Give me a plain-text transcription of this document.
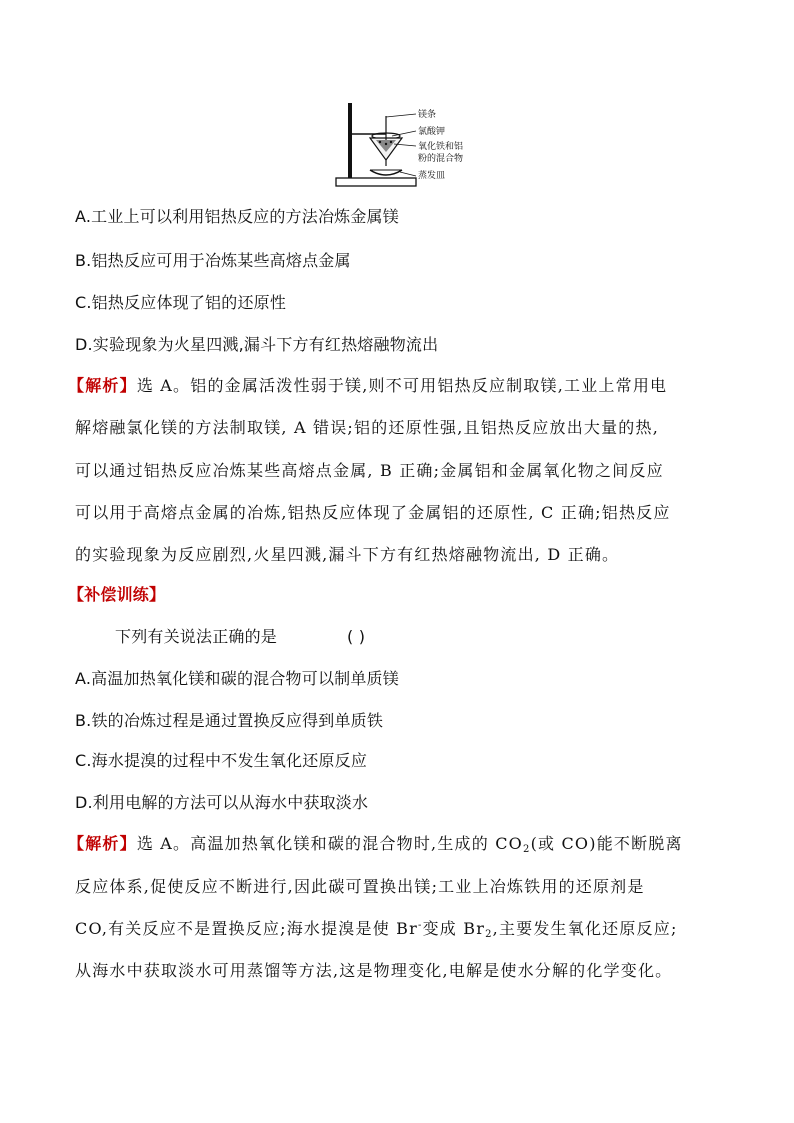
镁条
氯酸钾
氧化铁和铝
粉的混合物
蒸发皿
A.工业上可以利用铝热反应的方法冶炼金属镁
B.铝热反应可用于冶炼某些高熔点金属
C.铝热反应体现了铝的还原性
D.实验现象为火星四溅,漏斗下方有红热熔融物流出
【解析】选 A。铝的金属活泼性弱于镁,则不可用铝热反应制取镁,工业上常用电
解熔融氯化镁的方法制取镁, A 错误;铝的还原性强,且铝热反应放出大量的热,
可以通过铝热反应冶炼某些高熔点金属, B 正确;金属铝和金属氧化物之间反应
可以用于高熔点金属的冶炼,铝热反应体现了金属铝的还原性, C 正确;铝热反应
的实验现象为反应剧烈,火星四溅,漏斗下方有红热熔融物流出, D 正确。
【补偿训练】
下列有关说法正确的是	( )
A.高温加热氧化镁和碳的混合物可以制单质镁
B.铁的冶炼过程是通过置换反应得到单质铁
C.海水提溴的过程中不发生氧化还原反应
D.利用电解的方法可以从海水中获取淡水
【解析】选 A。高温加热氧化镁和碳的混合物时,生成的 $CO_2$(或 CO)能不断脱离
反应体系,促使反应不断进行,因此碳可置换出镁;工业上冶炼铁用的还原剂是
CO,有关反应不是置换反应;海水提溴是使 Br-变成 $Br_2$,主要发生氧化还原反应;
从海水中获取淡水可用蒸馏等方法,这是物理变化,电解是使水分解的化学变化。
